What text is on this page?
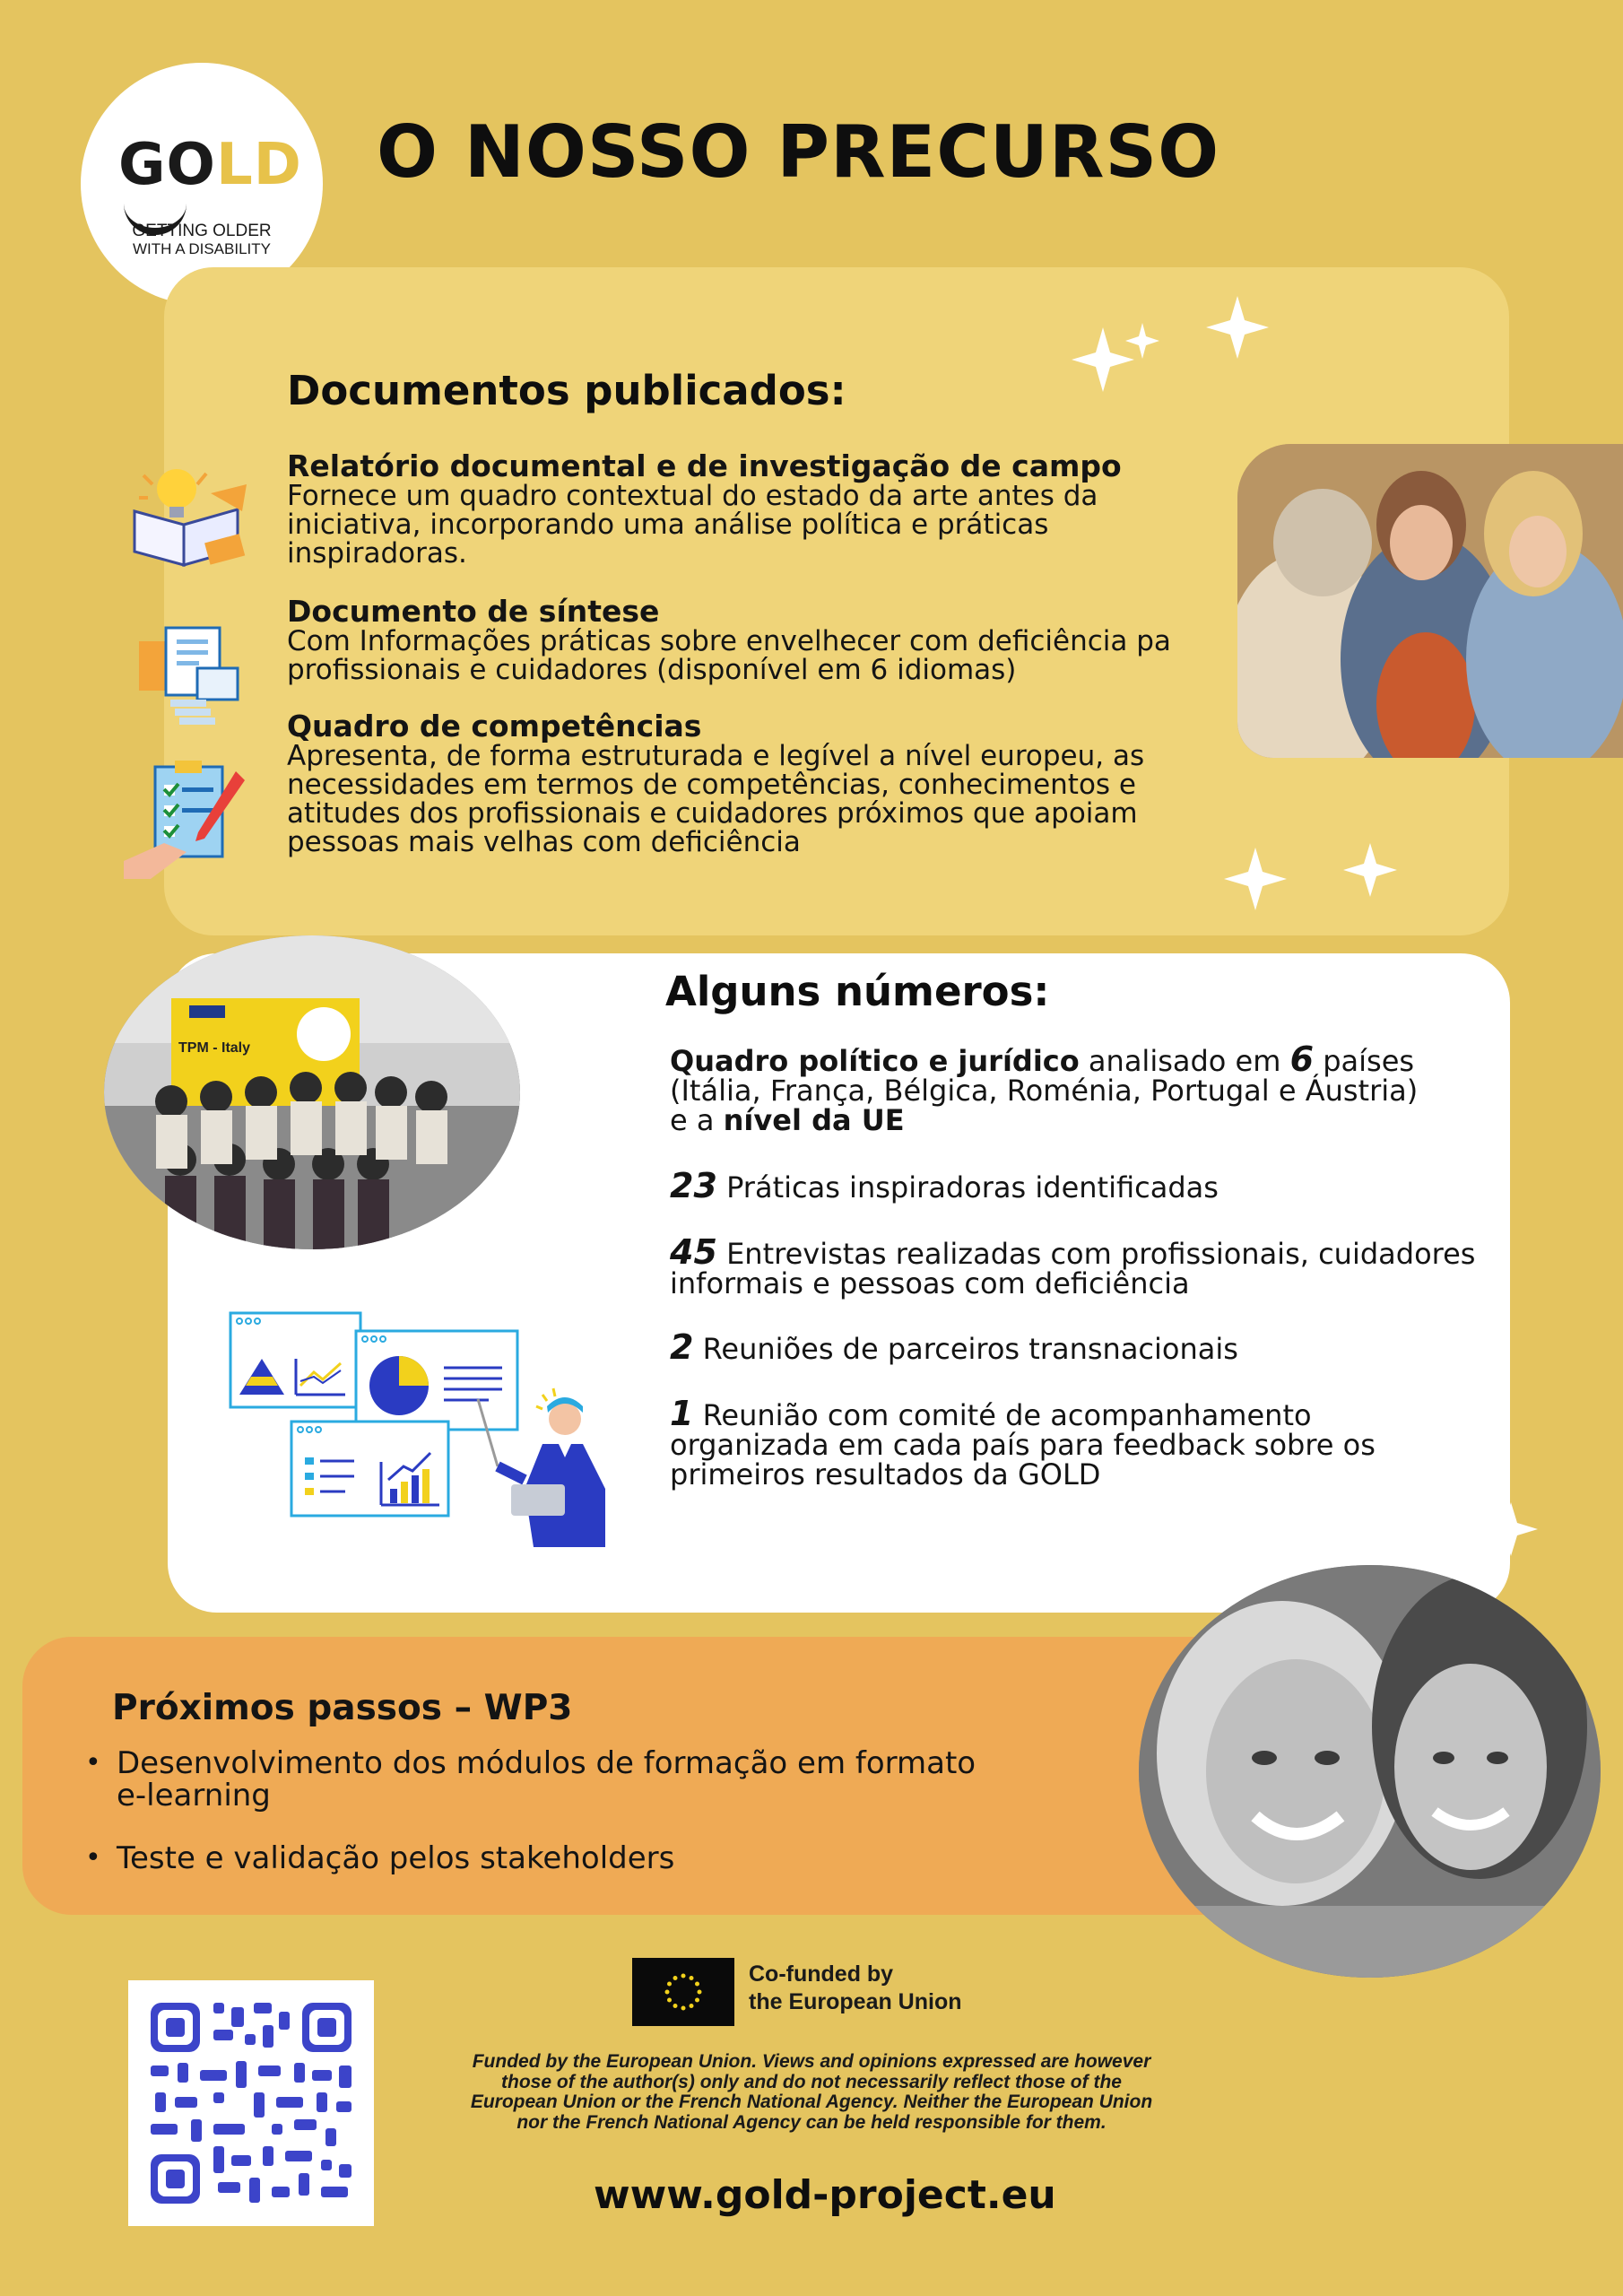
GOLD
GETTING OLDER
WITH A DISABILITY
O NOSSO PRECURSO
Documentos publicados:
Relatório documental e de investigação de campo
Fornece um quadro contextual do estado da arte antes da
iniciativa, incorporando uma análise política e práticas
inspiradoras.
Documento de síntese
Com Informações práticas sobre envelhecer com deficiência pa
profissionais e cuidadores (disponível em 6 idiomas)
Quadro de competências
Apresenta, de forma estruturada e legível a nível europeu, as
necessidades em termos de competências, conhecimentos e
atitudes dos profissionais e cuidadores próximos que apoiam
pessoas mais velhas com deficiência
TPM - Italy
Alguns números:
Quadro político e jurídico analisado em 6 países
(Itália, França, Bélgica, Roménia, Portugal e Áustria)
e a nível da UE
23 Práticas inspiradoras identificadas
45 Entrevistas realizadas com profissionais, cuidadores
informais e pessoas com deficiência
2 Reuniões de parceiros transnacionais
1 Reunião com comité de acompanhamento
organizada em cada país para feedback sobre os
primeiros resultados da GOLD
Próximos passos – WP3
• Desenvolvimento dos módulos de formação em formato
e-learning
• Teste e validação pelos stakeholders
Co-funded by
the European Union
Funded by the European Union. Views and opinions expressed are however those of the author(s) only and do not necessarily reflect those of the European Union or the French National Agency. Neither the European Union nor the French National Agency can be held responsible for them.
www.gold-project.eu
